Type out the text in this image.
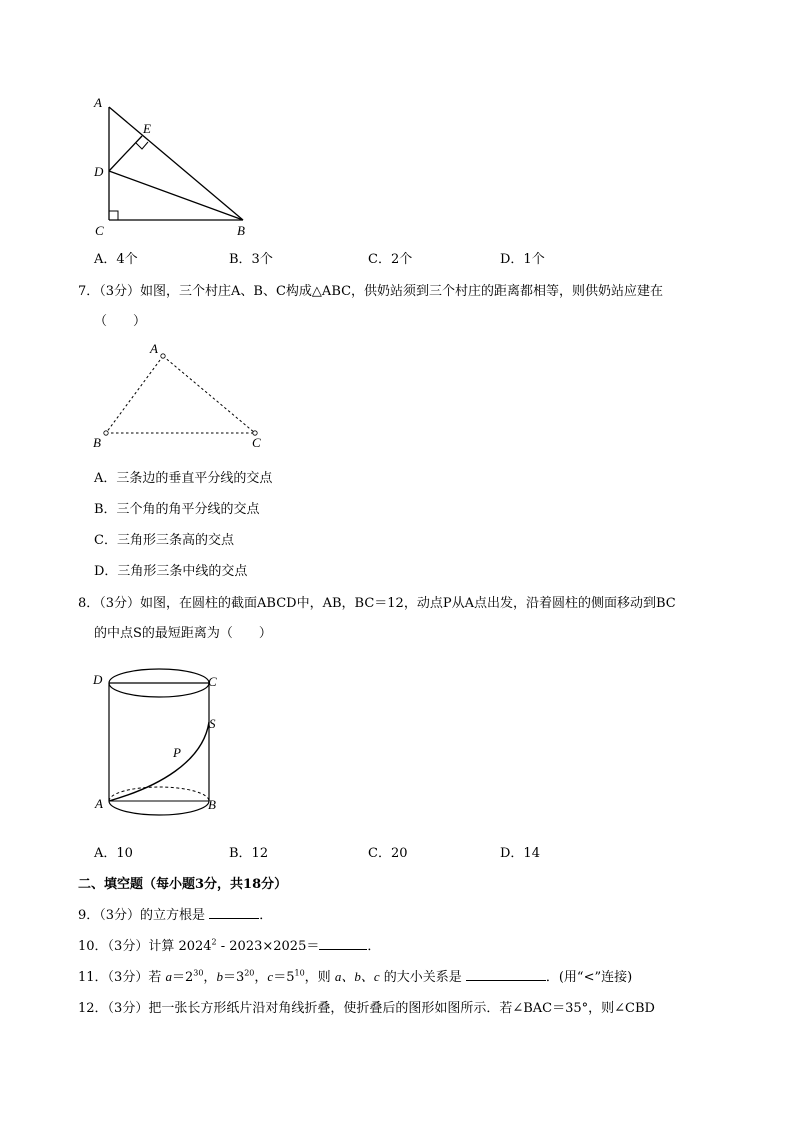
A
E
D
C	B
A．4个	B．3个	C．2个	D．1个
7．（3分）如图，三个村庄A、B、C构成△ABC，供奶站须到三个村庄的距离都相等，则供奶站应建在
（　　）
A
B	C
A．三条边的垂直平分线的交点
B．三个角的角平分线的交点
C．三角形三条高的交点
D．三角形三条中线的交点
8．（3分）如图，在圆柱的截面ABCD中，AB，BC＝12，动点P从A点出发，沿着圆柱的侧面移动到BC
的中点S的最短距离为（　　）
D	C
S
P
A	B
A．10	B．12	C．20	D．14
二、填空题（每小题3分，共18分）
9．（3分）的立方根是	．
10．（3分）计算 2024$^2$ - 2023×2025＝	．
11．（3分）若 $a=2^{30}$，$b=3^{20}$，$c=5^{10}$，则 a、b、c 的大小关系是	．(用“<”连接)
12．（3分）把一张长方形纸片沿对角线折叠，使折叠后的图形如图所示．若∠BAC＝35°，则∠CBD
